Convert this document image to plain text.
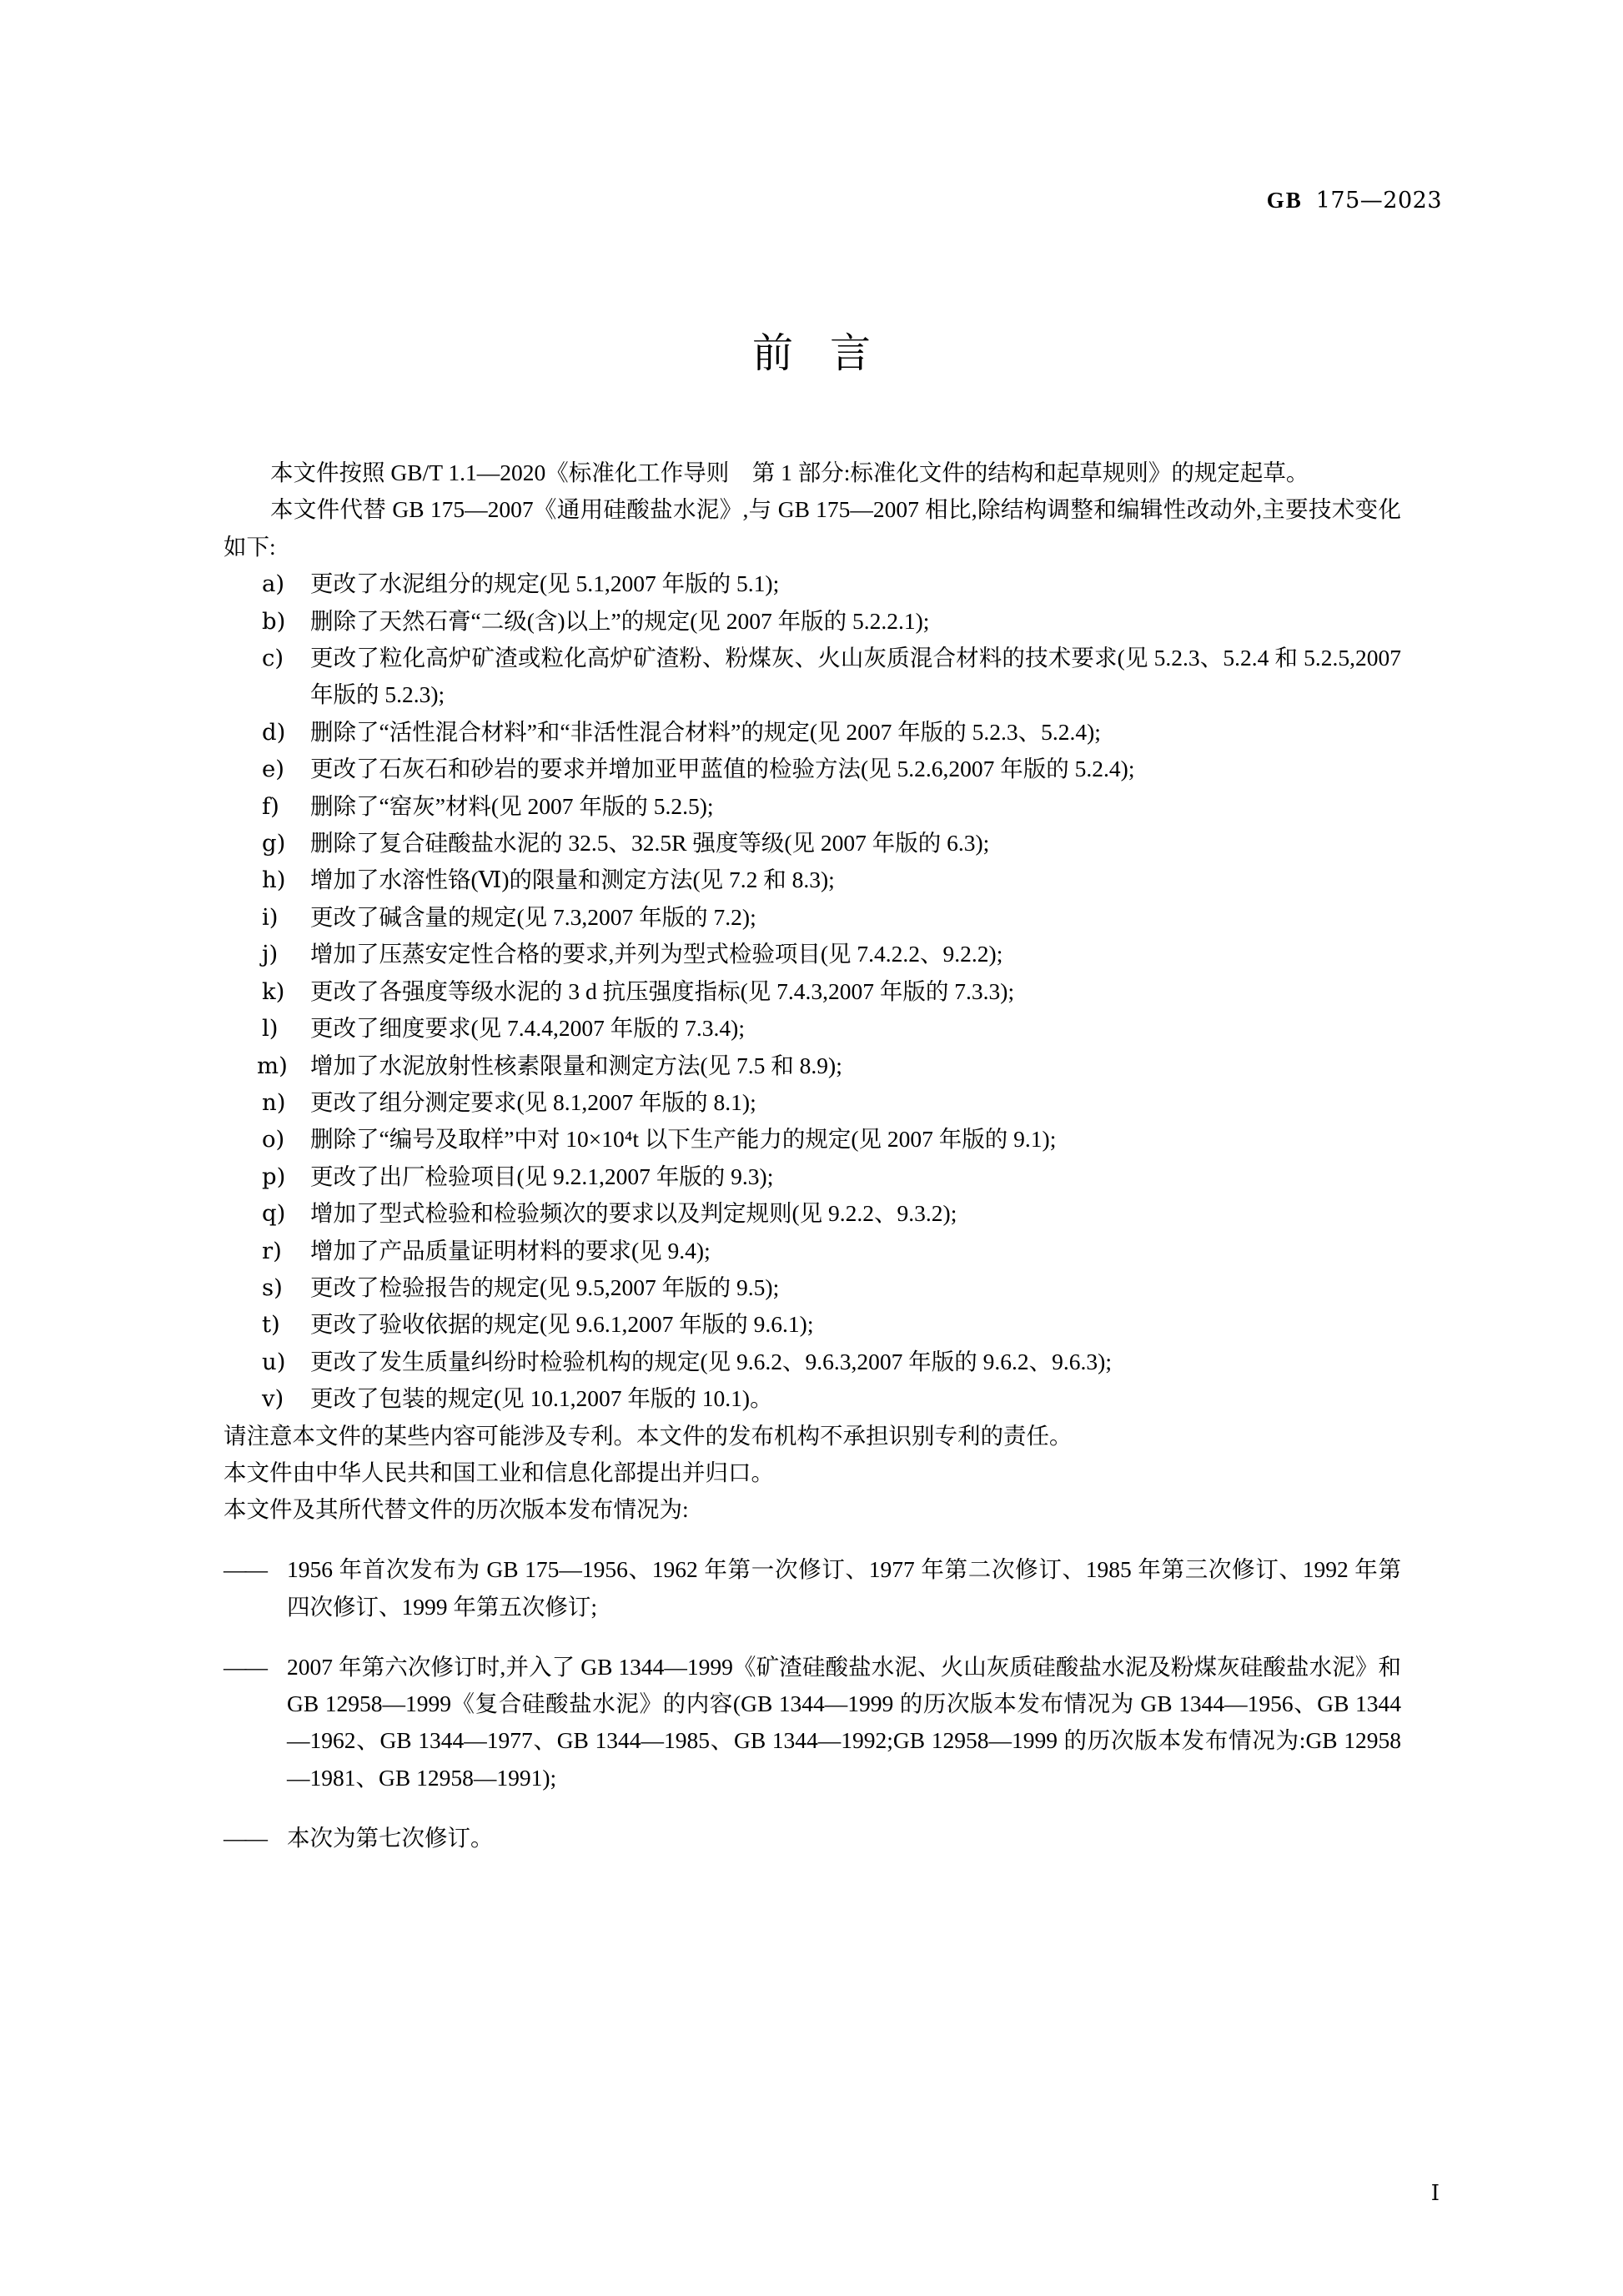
GB 175—2023
前言

本文件按照 GB/T 1.1—2020《标准化工作导则　第 1 部分:标准化文件的结构和起草规则》的规定起草。

本文件代替 GB 175—2007《通用硅酸盐水泥》,与 GB 175—2007 相比,除结构调整和编辑性改动外,主要技术变化如下:

a) 更改了水泥组分的规定(见 5.1,2007 年版的 5.1);
b) 删除了天然石膏“二级(含)以上”的规定(见 2007 年版的 5.2.2.1);
c) 更改了粒化高炉矿渣或粒化高炉矿渣粉、粉煤灰、火山灰质混合材料的技术要求(见 5.2.3、5.2.4 和 5.2.5,2007 年版的 5.2.3);
d) 删除了“活性混合材料”和“非活性混合材料”的规定(见 2007 年版的 5.2.3、5.2.4);
e) 更改了石灰石和砂岩的要求并增加亚甲蓝值的检验方法(见 5.2.6,2007 年版的 5.2.4);
f) 删除了“窑灰”材料(见 2007 年版的 5.2.5);
g) 删除了复合硅酸盐水泥的 32.5、32.5R 强度等级(见 2007 年版的 6.3);
h) 增加了水溶性铬(Ⅵ)的限量和测定方法(见 7.2 和 8.3);
i) 更改了碱含量的规定(见 7.3,2007 年版的 7.2);
j) 增加了压蒸安定性合格的要求,并列为型式检验项目(见 7.4.2.2、9.2.2);
k) 更改了各强度等级水泥的 3 d 抗压强度指标(见 7.4.3,2007 年版的 7.3.3);
l) 更改了细度要求(见 7.4.4,2007 年版的 7.3.4);
m) 增加了水泥放射性核素限量和测定方法(见 7.5 和 8.9);
n) 更改了组分测定要求(见 8.1,2007 年版的 8.1);
o) 删除了“编号及取样”中对 10×10⁴t 以下生产能力的规定(见 2007 年版的 9.1);
p) 更改了出厂检验项目(见 9.2.1,2007 年版的 9.3);
q) 增加了型式检验和检验频次的要求以及判定规则(见 9.2.2、9.3.2);
r) 增加了产品质量证明材料的要求(见 9.4);
s) 更改了检验报告的规定(见 9.5,2007 年版的 9.5);
t) 更改了验收依据的规定(见 9.6.1,2007 年版的 9.6.1);
u) 更改了发生质量纠纷时检验机构的规定(见 9.6.2、9.6.3,2007 年版的 9.6.2、9.6.3);
v) 更改了包装的规定(见 10.1,2007 年版的 10.1)。

请注意本文件的某些内容可能涉及专利。本文件的发布机构不承担识别专利的责任。

本文件由中华人民共和国工业和信息化部提出并归口。

本文件及其所代替文件的历次版本发布情况为:

—— 1956 年首次发布为 GB 175—1956、1962 年第一次修订、1977 年第二次修订、1985 年第三次修订、1992 年第四次修订、1999 年第五次修订;

—— 2007 年第六次修订时,并入了 GB 1344—1999《矿渣硅酸盐水泥、火山灰质硅酸盐水泥及粉煤灰硅酸盐水泥》和 GB 12958—1999《复合硅酸盐水泥》的内容(GB 1344—1999 的历次版本发布情况为 GB 1344—1956、GB 1344—1962、GB 1344—1977、GB 1344—1985、GB 1344—1992;GB 12958—1999 的历次版本发布情况为:GB 12958—1981、GB 12958—1991);

—— 本次为第七次修订。

Ⅰ
